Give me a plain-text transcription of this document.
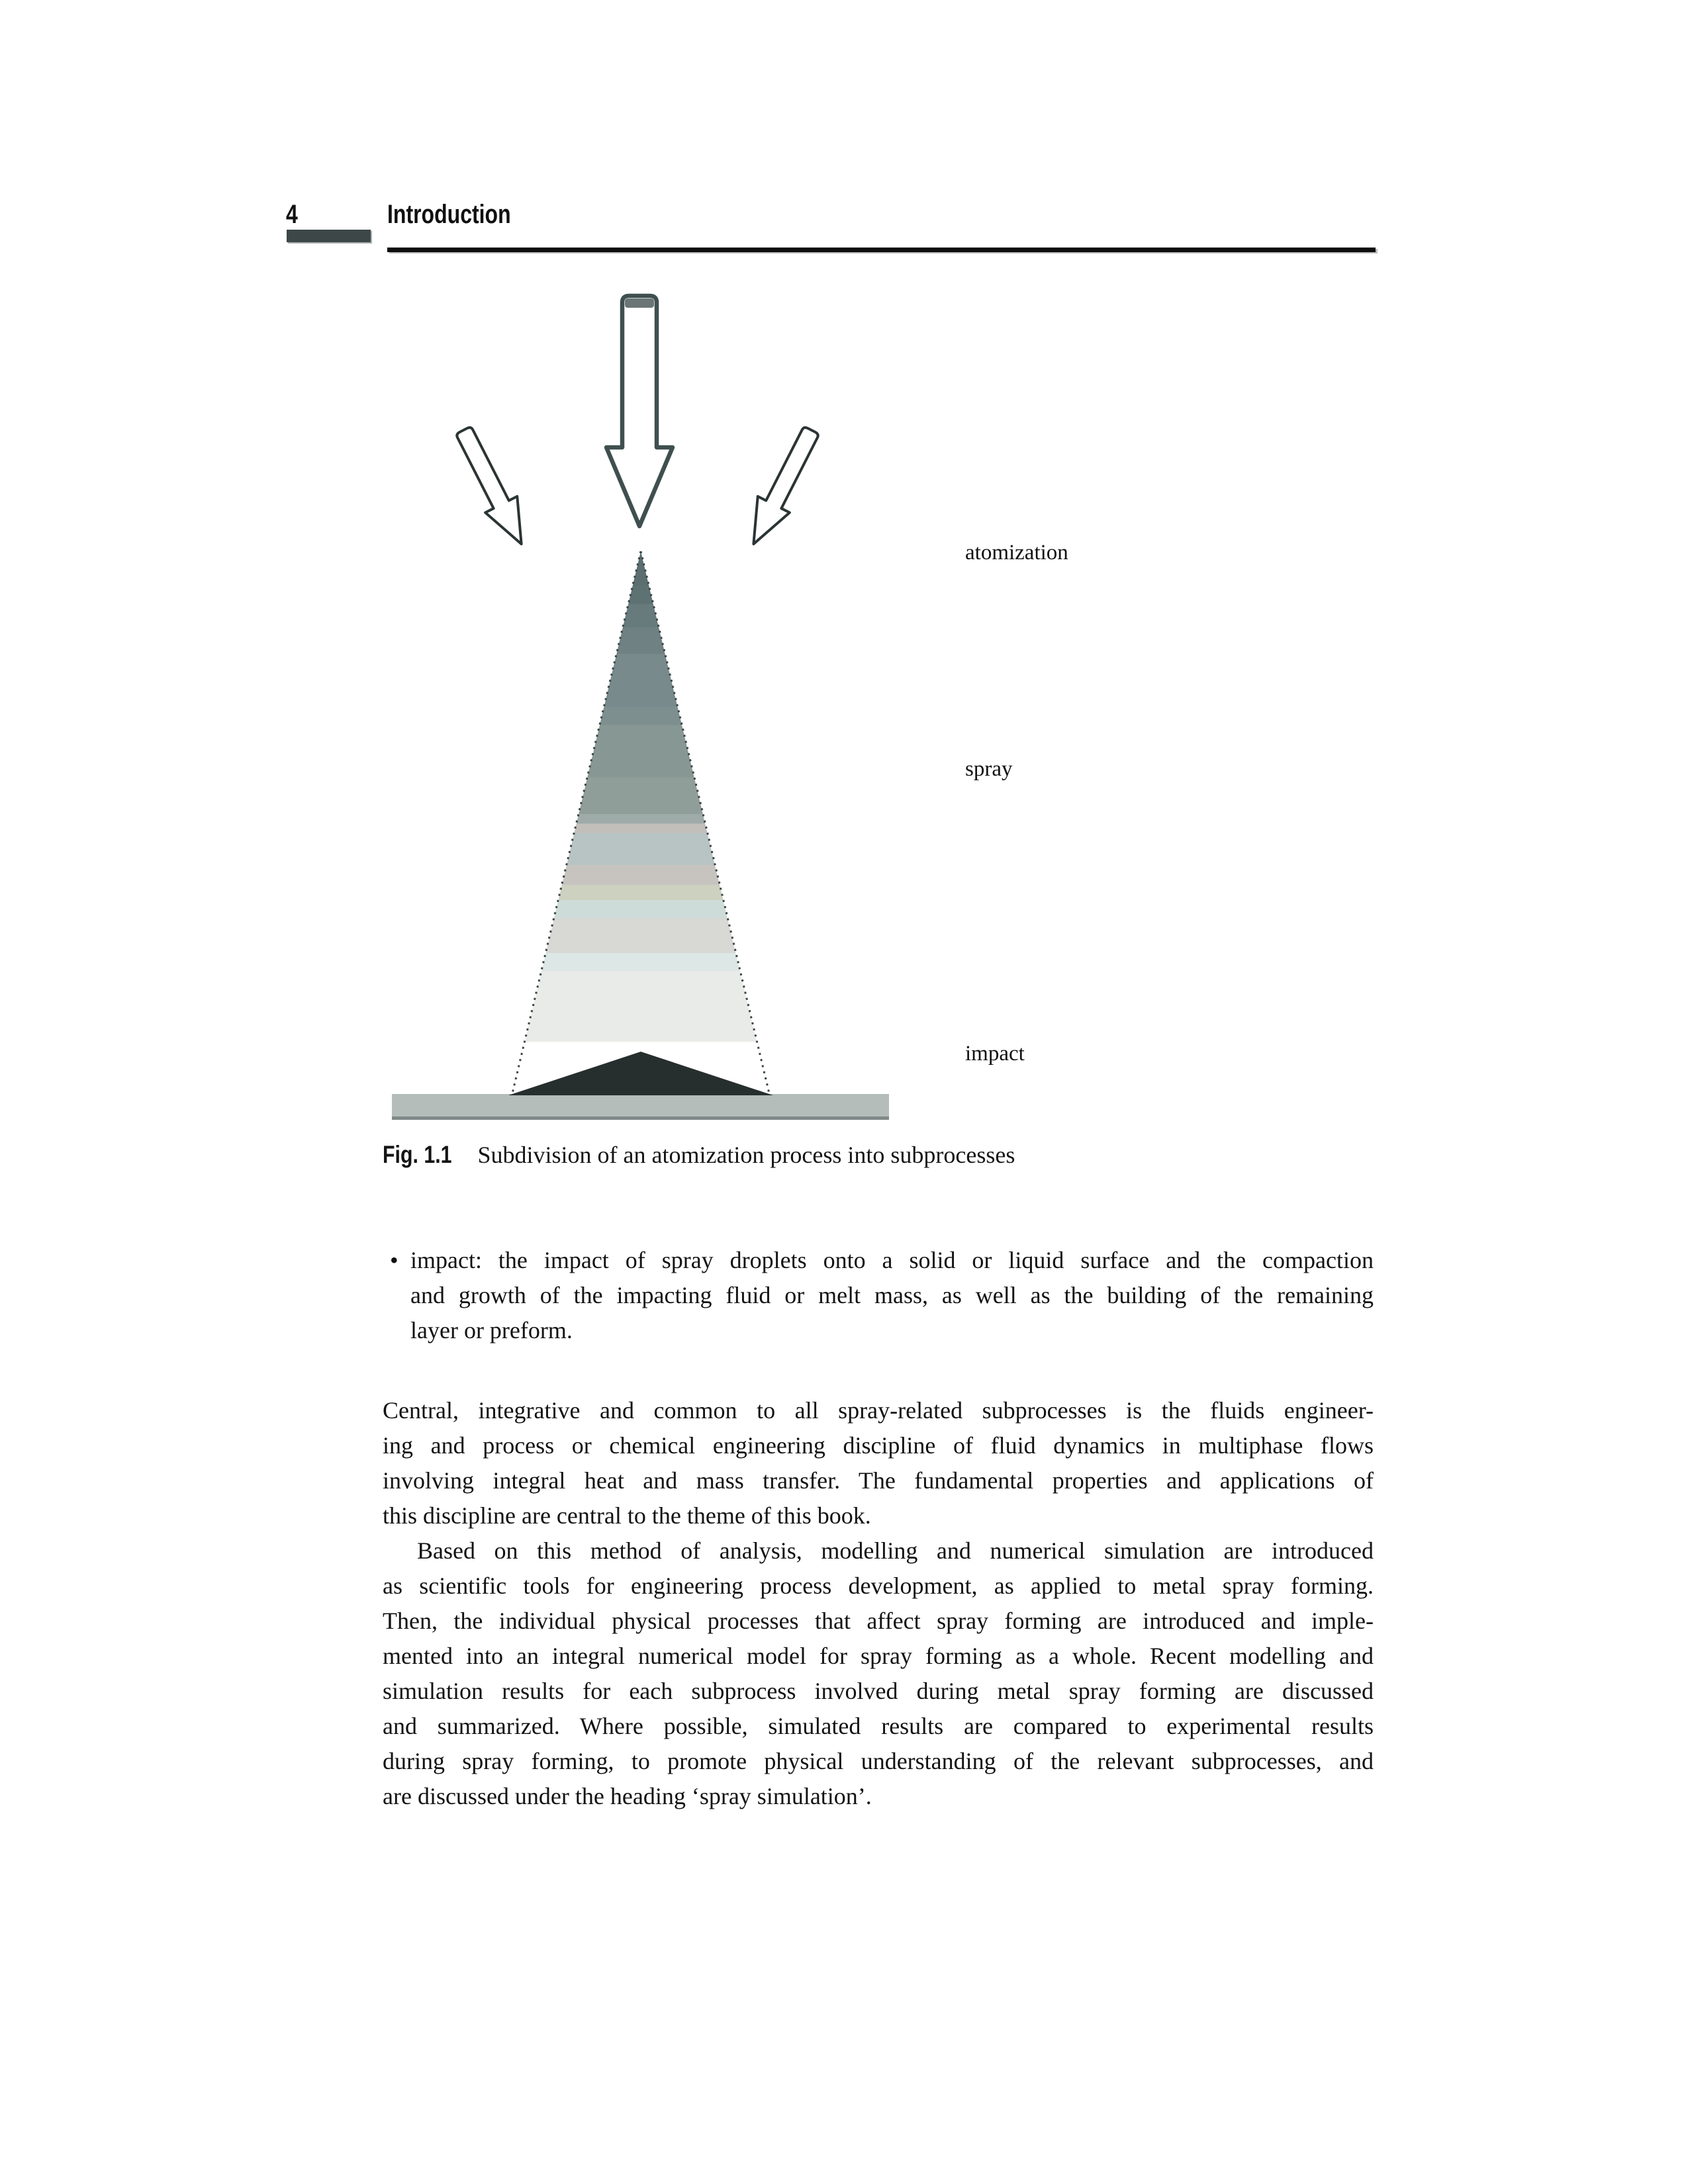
4	Introduction
atomization
spray
impact
Fig. 1.1 Subdivision of an atomization process into subprocesses
• impact: the impact of spray droplets onto a solid or liquid surface and the compaction
and growth of the impacting fluid or melt mass, as well as the building of the remaining
layer or preform.
Central, integrative and common to all spray-related subprocesses is the fluids engineer-
ing and process or chemical engineering discipline of fluid dynamics in multiphase flows
involving integral heat and mass transfer. The fundamental properties and applications of
this discipline are central to the theme of this book.
Based on this method of analysis, modelling and numerical simulation are introduced
as scientific tools for engineering process development, as applied to metal spray forming.
Then, the individual physical processes that affect spray forming are introduced and imple-
mented into an integral numerical model for spray forming as a whole. Recent modelling and
simulation results for each subprocess involved during metal spray forming are discussed
and summarized. Where possible, simulated results are compared to experimental results
during spray forming, to promote physical understanding of the relevant subprocesses, and
are discussed under the heading ‘spray simulation’.
